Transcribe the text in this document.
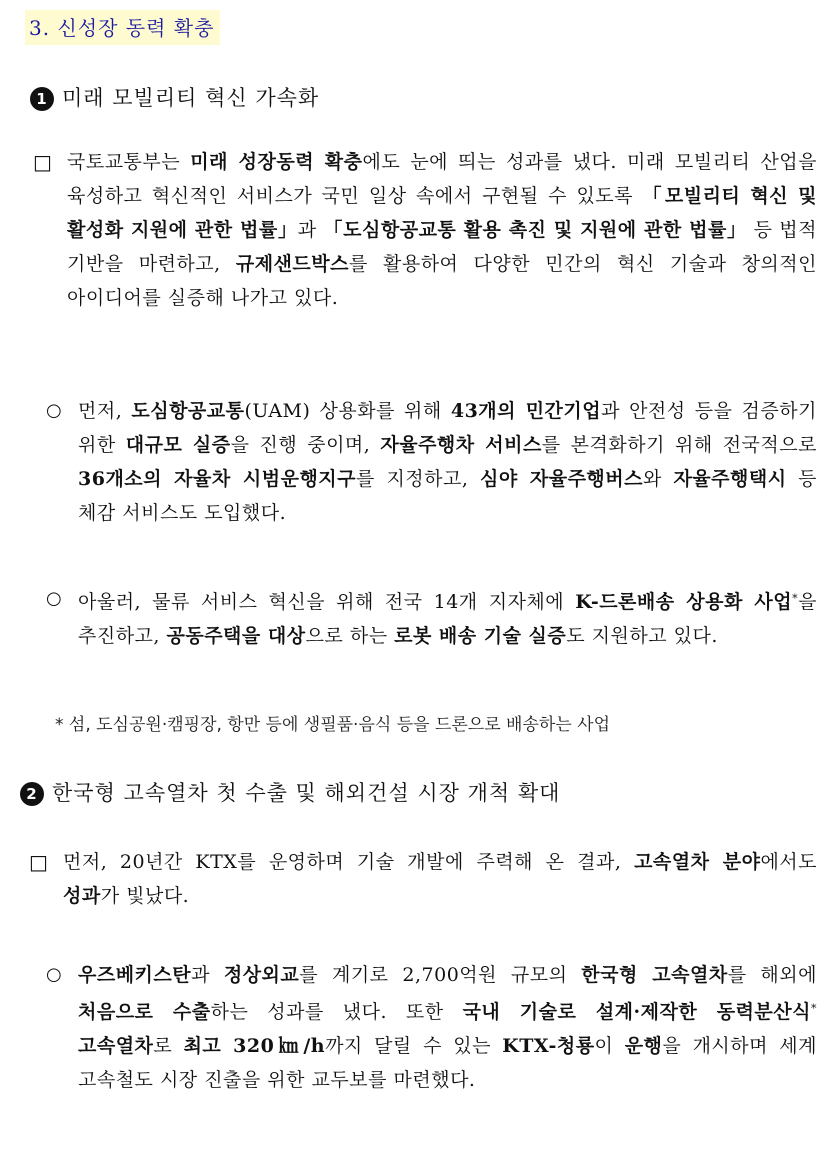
3. 신성장 동력 확충
1 미래 모빌리티 혁신 가속화
□ 국토교통부는 미래 성장동력 확충에도 눈에 띄는 성과를 냈다. 미래 모빌리티 산업을 육성하고 혁신적인 서비스가 국민 일상 속에서 구현될 수 있도록 「모빌리티 혁신 및 활성화 지원에 관한 법률」과 「도심항공교통 활용 촉진 및 지원에 관한 법률」 등 법적 기반을 마련하고, 규제샌드박스를 활용하여 다양한 민간의 혁신 기술과 창의적인 아이디어를 실증해 나가고 있다.
○ 먼저, 도심항공교통(UAM) 상용화를 위해 43개의 민간기업과 안전성 등을 검증하기 위한 대규모 실증을 진행 중이며, 자율주행차 서비스를 본격화하기 위해 전국적으로 36개소의 자율차 시범운행지구를 지정하고, 심야 자율주행버스와 자율주행택시 등 체감 서비스도 도입했다.
○ 아울러, 물류 서비스 혁신을 위해 전국 14개 지자체에 K-드론배송 상용화 사업*을 추진하고, 공동주택을 대상으로 하는 로봇 배송 기술 실증도 지원하고 있다.
* 섬, 도심공원·캠핑장, 항만 등에 생필품·음식 등을 드론으로 배송하는 사업
2 한국형 고속열차 첫 수출 및 해외건설 시장 개척 확대
□ 먼저, 20년간 KTX를 운영하며 기술 개발에 주력해 온 결과, 고속열차 분야에서도 성과가 빛났다.
○ 우즈베키스탄과 정상외교를 계기로 2,700억원 규모의 한국형 고속열차를 해외에 처음으로 수출하는 성과를 냈다. 또한 국내 기술로 설계·제작한 동력분산식* 고속열차로 최고 320㎞/h까지 달릴 수 있는 KTX-청룡이 운행을 개시하며 세계 고속철도 시장 진출을 위한 교두보를 마련했다.
